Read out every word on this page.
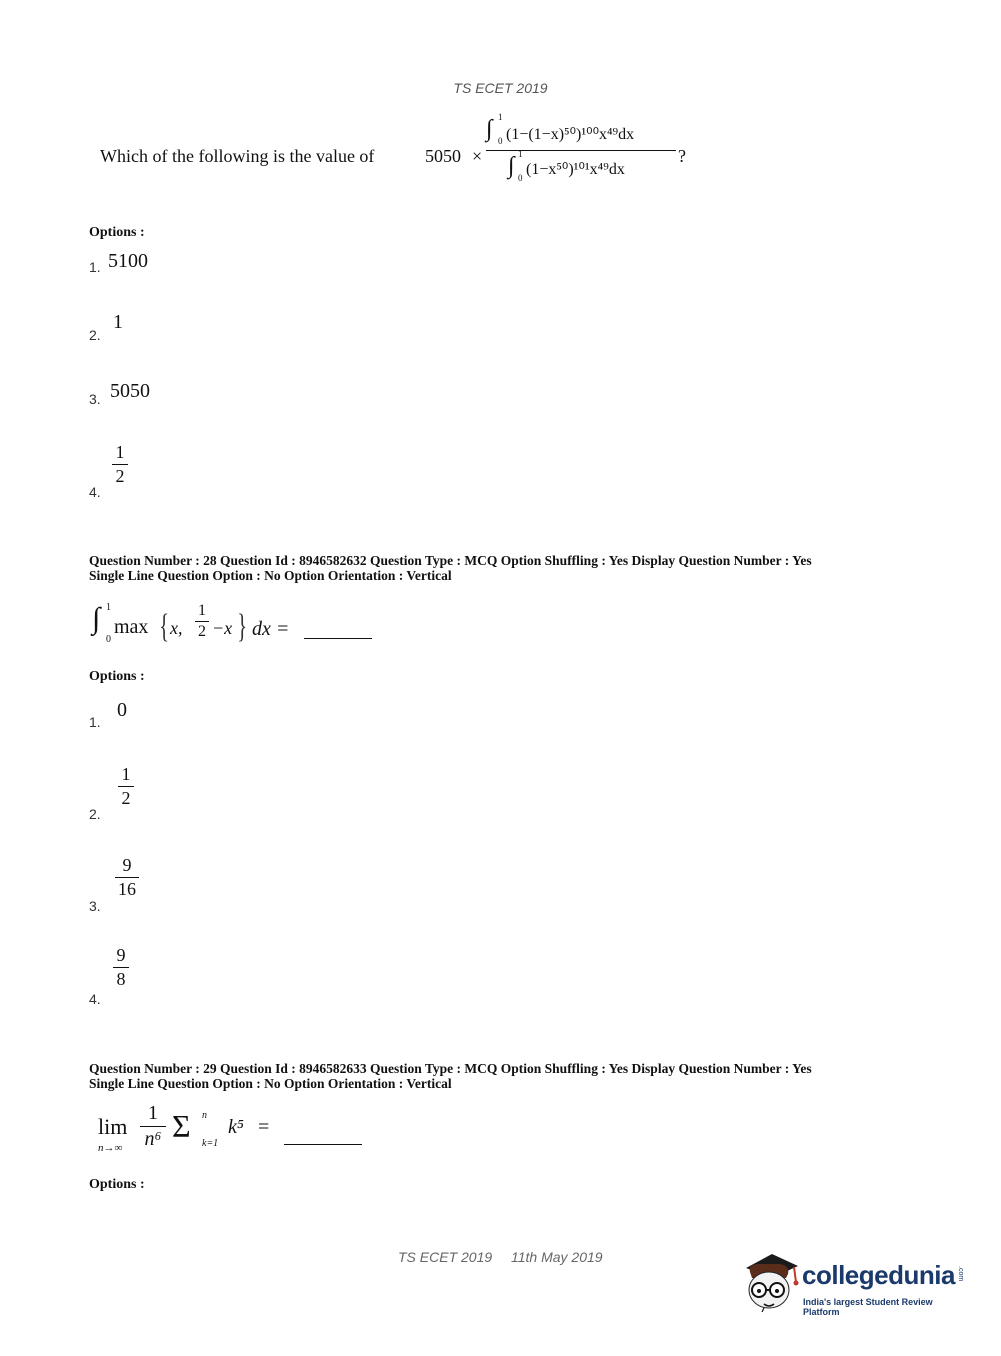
TS ECET 2019
Which of the following is the value of	5050 ×
∫ 1
0 (1−(1−x)⁵⁰)¹⁰⁰x⁴⁹dx
∫ 1
0 (1−x⁵⁰)¹⁰¹x⁴⁹dx
?
Options :
1. 5100
2.
1
3. 5050
4.
1
2
Question Number : 28 Question Id : 8946582632 Question Type : MCQ Option Shuffling : Yes Display Question Number : Yes
Single Line Question Option : No Option Orientation : Vertical
∫ 1
0
max { x,
1
2 −x } dx =
Options :
1.
0
2.
1
2
3.
9
16
4.
9
8
Question Number : 29 Question Id : 8946582633 Question Type : MCQ Option Shuffling : Yes Display Question Number : Yes
Single Line Question Option : No Option Orientation : Vertical
lim
n→∞
1
n⁶ Σ n
k=1
k⁵ =
Options :
TS ECET 2019 11th May 2019
collegedunia .com
India's largest Student Review Platform
